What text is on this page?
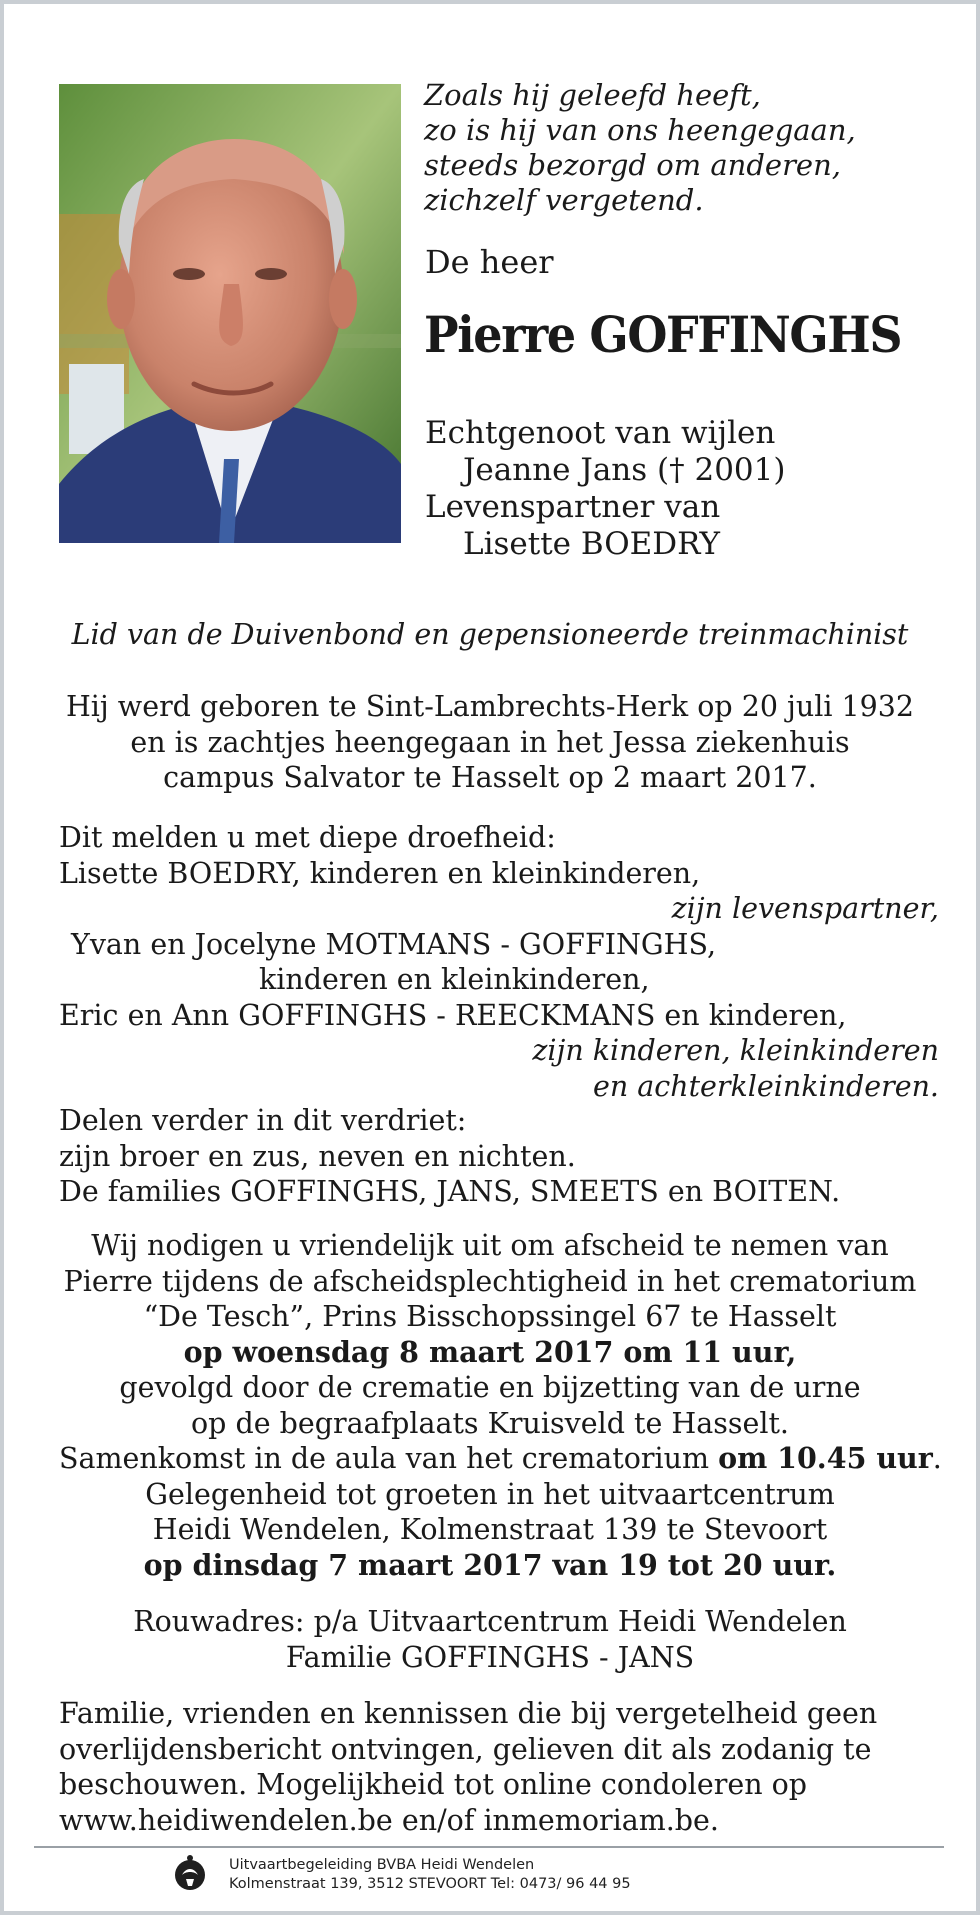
Zoals hij geleefd heeft,
zo is hij van ons heengegaan,
steeds bezorgd om anderen,
zichzelf vergetend.
De heer
Pierre GOFFINGHS
Echtgenoot van wijlen
Jeanne Jans († 2001)
Levenspartner van
Lisette BOEDRY
Lid van de Duivenbond en gepensioneerde treinmachinist
Hij werd geboren te Sint-Lambrechts-Herk op 20 juli 1932
en is zachtjes heengegaan in het Jessa ziekenhuis
campus Salvator te Hasselt op 2 maart 2017.
Dit melden u met diepe droefheid:
Lisette BOEDRY, kinderen en kleinkinderen,
zijn levenspartner,
Yvan en Jocelyne MOTMANS - GOFFINGHS,
kinderen en kleinkinderen,
Eric en Ann GOFFINGHS - REECKMANS en kinderen,
zijn kinderen, kleinkinderen
en achterkleinkinderen.
Delen verder in dit verdriet:
zijn broer en zus, neven en nichten.
De families GOFFINGHS, JANS, SMEETS en BOITEN.
Wij nodigen u vriendelijk uit om afscheid te nemen van
Pierre tijdens de afscheidsplechtigheid in het crematorium
“De Tesch”, Prins Bisschopssingel 67 te Hasselt
op woensdag 8 maart 2017 om 11 uur,
gevolgd door de crematie en bijzetting van de urne
op de begraafplaats Kruisveld te Hasselt.
Samenkomst in de aula van het crematorium om 10.45 uur.
Gelegenheid tot groeten in het uitvaartcentrum
Heidi Wendelen, Kolmenstraat 139 te Stevoort
op dinsdag 7 maart 2017 van 19 tot 20 uur.
Rouwadres: p/a Uitvaartcentrum Heidi Wendelen
Familie GOFFINGHS - JANS
Familie, vrienden en kennissen die bij vergetelheid geen
overlijdensbericht ontvingen, gelieven dit als zodanig te
beschouwen. Mogelijkheid tot online condoleren op
www.heidiwendelen.be en/of inmemoriam.be.
Uitvaartbegeleiding BVBA Heidi Wendelen
Kolmenstraat 139, 3512 STEVOORT Tel: 0473/ 96 44 95
